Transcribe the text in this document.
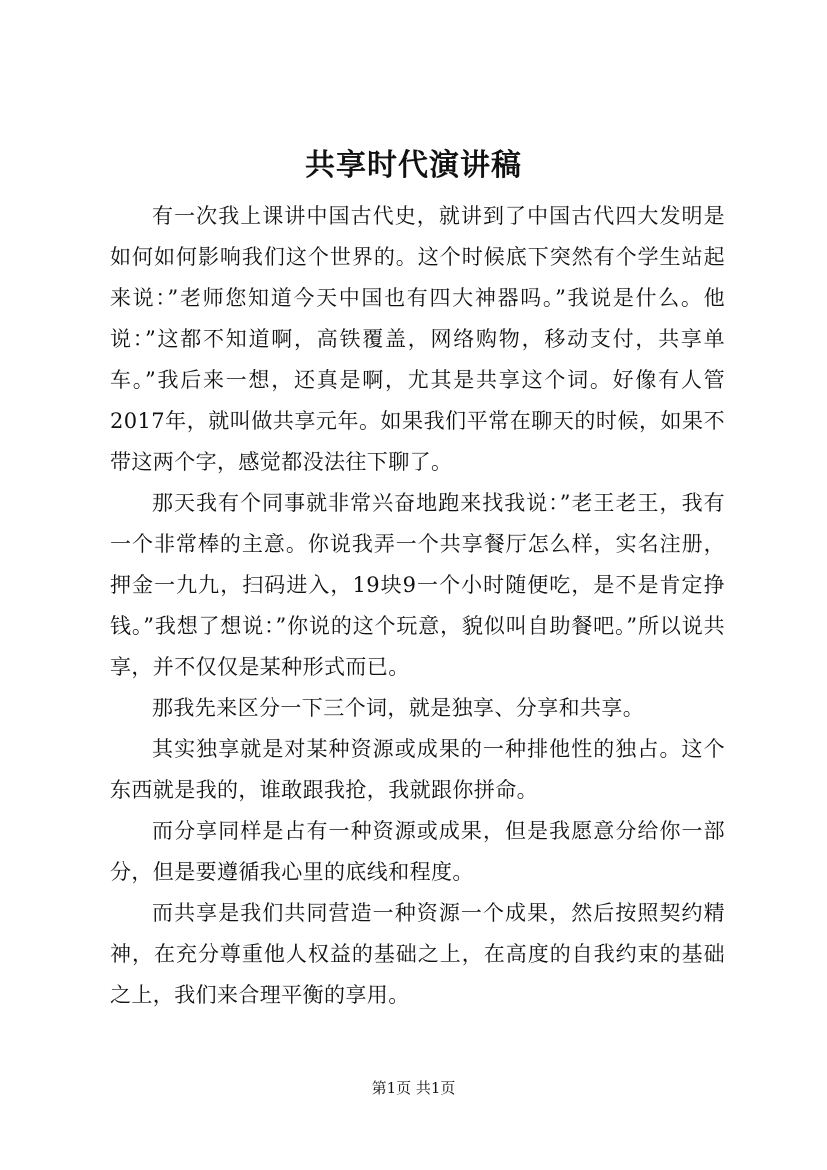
共享时代演讲稿

有一次我上课讲中国古代史，就讲到了中国古代四大发明是如何如何影响我们这个世界的。这个时候底下突然有个学生站起来说：”老师您知道今天中国也有四大神器吗。”我说是什么。他说：”这都不知道啊，高铁覆盖，网络购物，移动支付，共享单车。”我后来一想，还真是啊，尤其是共享这个词。好像有人管2017年，就叫做共享元年。如果我们平常在聊天的时候，如果不带这两个字，感觉都没法往下聊了。

那天我有个同事就非常兴奋地跑来找我说：”老王老王，我有一个非常棒的主意。你说我弄一个共享餐厅怎么样，实名注册，押金一九九，扫码进入，19块9一个小时随便吃，是不是肯定挣钱。”我想了想说：”你说的这个玩意，貌似叫自助餐吧。”所以说共享，并不仅仅是某种形式而已。

那我先来区分一下三个词，就是独享、分享和共享。

其实独享就是对某种资源或成果的一种排他性的独占。这个东西就是我的，谁敢跟我抢，我就跟你拼命。

而分享同样是占有一种资源或成果，但是我愿意分给你一部分，但是要遵循我心里的底线和程度。

而共享是我们共同营造一种资源一个成果，然后按照契约精神，在充分尊重他人权益的基础之上，在高度的自我约束的基础之上，我们来合理平衡的享用。

第1页 共1页
